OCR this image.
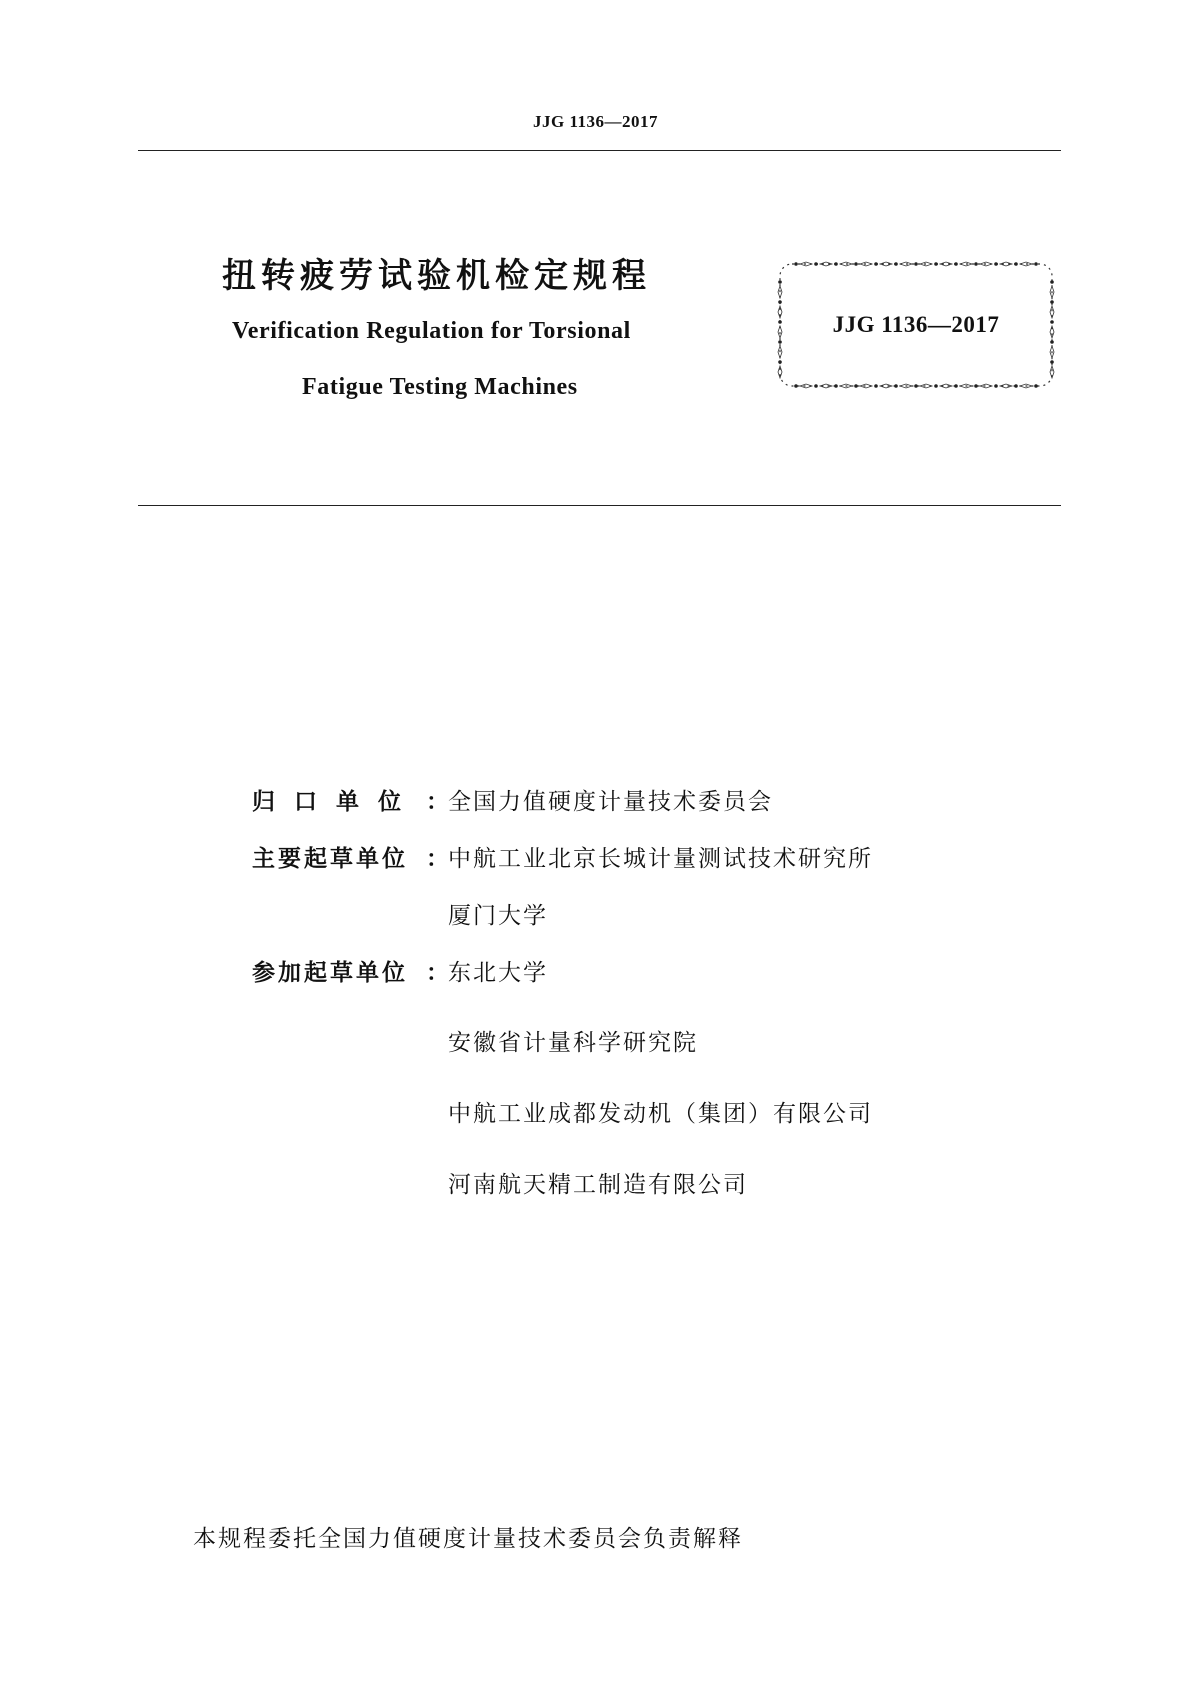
JJG 1136—2017
扭转疲劳试验机检定规程
Verification Regulation for Torsional
Fatigue Testing Machines
JJG 1136—2017
归口单位 ： 全国力值硬度计量技术委员会
主要起草单位 ： 中航工业北京长城计量测试技术研究所
厦门大学
参加起草单位 ： 东北大学
安徽省计量科学研究院
中航工业成都发动机（集团）有限公司
河南航天精工制造有限公司
本规程委托全国力值硬度计量技术委员会负责解释
